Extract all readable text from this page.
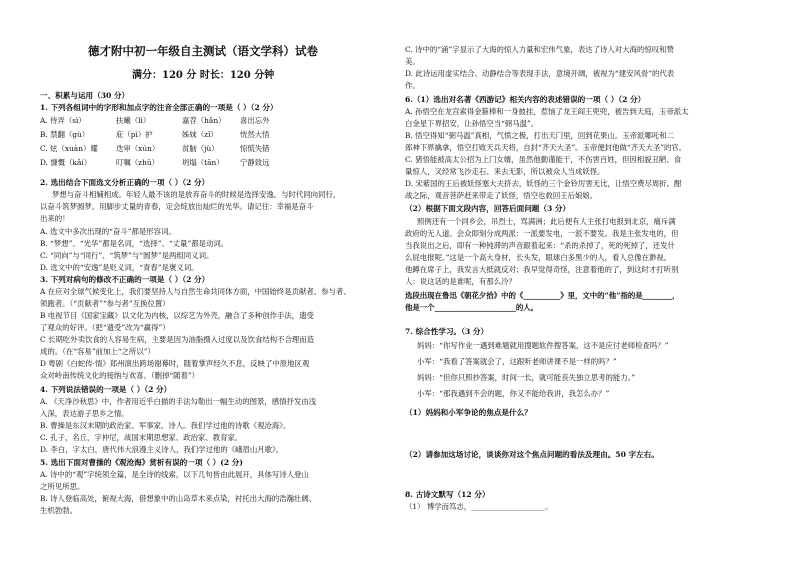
德才附中初一年级自主测试（语文学科）试卷
满分：120 分 时长：120 分钟
一、积累与运用（30 分）
1. 下列各组词中的字形和加点字的注音全部正确的一项是（ ）（2 分）
A. 侍弄（sì）	扶曦（lì）	嘉苕（hǎn） 喜出忘外
B. 禁翻（gù）	庇（pì）护	姊妹（zǐ）	恍然大悟
C. 炫（xuàn）耀 迭审（xún）	贫脑（jù）	惊慌失错
D. 慷慨（kǎi）	叮嘱（zhǔ）	坍塌（tān） 宁静致远
2. 选出结合下面选文分析正确的一项（ ）（2 分）
梦想与奋斗相辅相成。年轻人最不该的是放弃奋斗的时候是选择安逸。与时代同向同行，
以奋斗筑梦圆梦。用脚步丈量的青春，定会绽放出灿烂的光华。请记住：幸福是奋斗
出来的！
A. 选文中多次出现的“奋斗”都是形容词。
B. “梦想”、“光华”都是名词，“选择”、“丈量”都是动词。
C. “同向”与“同行”、“筑梦”与“圆梦”是两组同义词。
D. 选文中的“安逸”是贬义词，“青春”是褒义词。
3. 下列对病句的修改不正确的一项是（ ）（2 分）
A 在应对全球气候变化上，我们要坚持人与自然生命共同体方面，中国始终是贡献者、参与者、
领跑者。（“贡献者”“参与者”互换位置）
B 电视节目《国家宝藏》以文化为内核，以综艺为外壳，融合了多种创作手法，遗受
了观众的好评。（把“遗受”改为“赢得”）
C 长期吃外卖饮食的人容易生病，主要是因为油脂摄入过度以及饮食结构不合理而造
成的。（在“容易”前加上“之所以”）
D 粤剧《白蛇传·情》郑州演出跨场谢幕时，随着掌声经久不息，反映了中原地区观
众对岭南传统文化的接纳与欢喜。（删掉“随着”）
4. 下列说法错误的一项是（ ）（2 分）
A. 《天净沙秋思》中，作者用近乎白描的手法勾勒出一幅生动的图景，感情抒发由浅
入深，表达游子思乡之情。
B. 曹操是东汉末期的政治家、军事家、诗人。我们学过他的诗歌《观沧海》。
C. 孔子，名丘，字仲尼，战国末期思想家、政治家、教育家。
D. 李白，字太白，唐代伟大浪漫主义诗人，我们学过他的《峨眉山月歌》。
5. 选出下面对曹操的《观沧海》赏析有误的一项（ ）(2 分)
A. 诗中的“观”字统领全篇，是全诗的线索，以下几句皆由此展开，具体写诗人登山
之所见所思。
B. 诗人登临高处，俯视大海，借想象中的山岛草木来点染，衬托出大海的浩瀚壮阔、
生机勃勃。
C. 诗中的“涌”字显示了大海的惊人力量和宏伟气象，表达了诗人对大海的惊叹和赞
美。
D. 此诗运用虚实结合、动静结合等表现手法，意境开阔，被视为“建安风骨”的代表
作。
6.（1）选出对名著《西游记》相关内容的表述错误的一项（ ）（2 分）
A. 孙悟空在龙宫索得金箍棒和一身披挂，惹恼了龙王阎王兜兜，被告到天庭，玉帝派太
白金星下界招安，让孙悟空当“弼马温”。
B. 悟空得知“弼马温”真相，气愤之极，打出天门里，回到花果山。玉帝派哪吒和二
郎神下界擒拿，悟空打败天兵天将，自封“齐天大圣”。玉帝便封他做“齐天大圣”的官。
C. 猪悟能被高太公招为上门女婿，虽然他勤谨能干，不伤害百姓，但因相貌丑陋、食
量惊人，又经常飞沙走石、来去无影，所以被众人当成妖怪。
D. 宋紫国的王后被妖怪塞大夫挤去，妖怪的三个金铃厉害无比，让悟空费尽周折。酣
战之际，观音菩萨赶来带走了妖怪，悟空也救回王后娘娘。
（2）根据下面文段内容，回答后面问题（3 分）
照例还有一个同乡会，吊烈士，骂满洲；此后便有人主张打电报到北京，痛斥满
政府的无人道。会众即刻分成两派：一派要发电，一派不要发。我是主张发电的，但
当我说出之后，即有一种钝滞的声音跟着起来：“杀的杀掉了，死的死掉了，还发什
么屁电报呢。”这是一个高大身材，长头发，眼球白多黑少的人，看人总像在渺视。
他蹲在席子上，我发言大抵就反对；我早觉得奇怪，注意着他的了，到这时才打听别
人：说这话的是谁呢，有那么冷？
选段出现在鲁迅《朝花夕拾》中的《__________》里，文中的“他”指的是________，
他是一个______________________的人。
7. 综合性学习。（3 分）
妈妈：“你写作业一遇到难题就用搜题软件搜答案，这不是应付老师检查吗？”
小军：“我看了答案就会了，这跟听老师讲课不是一样的吗？”
妈妈：“但你只照抄答案，时间一长，就可能丧失独立思考的能力。”
小军：“那我遇到不会的题，你又不能给我讲，我怎么办？”
（1）妈妈和小军争论的焦点是什么？
（2）请参加这场讨论，谈谈你对这个焦点问题的看法及理由。50 字左右。
8. 古诗文默写（12 分）
（1） 博学而笃志，____________________。
